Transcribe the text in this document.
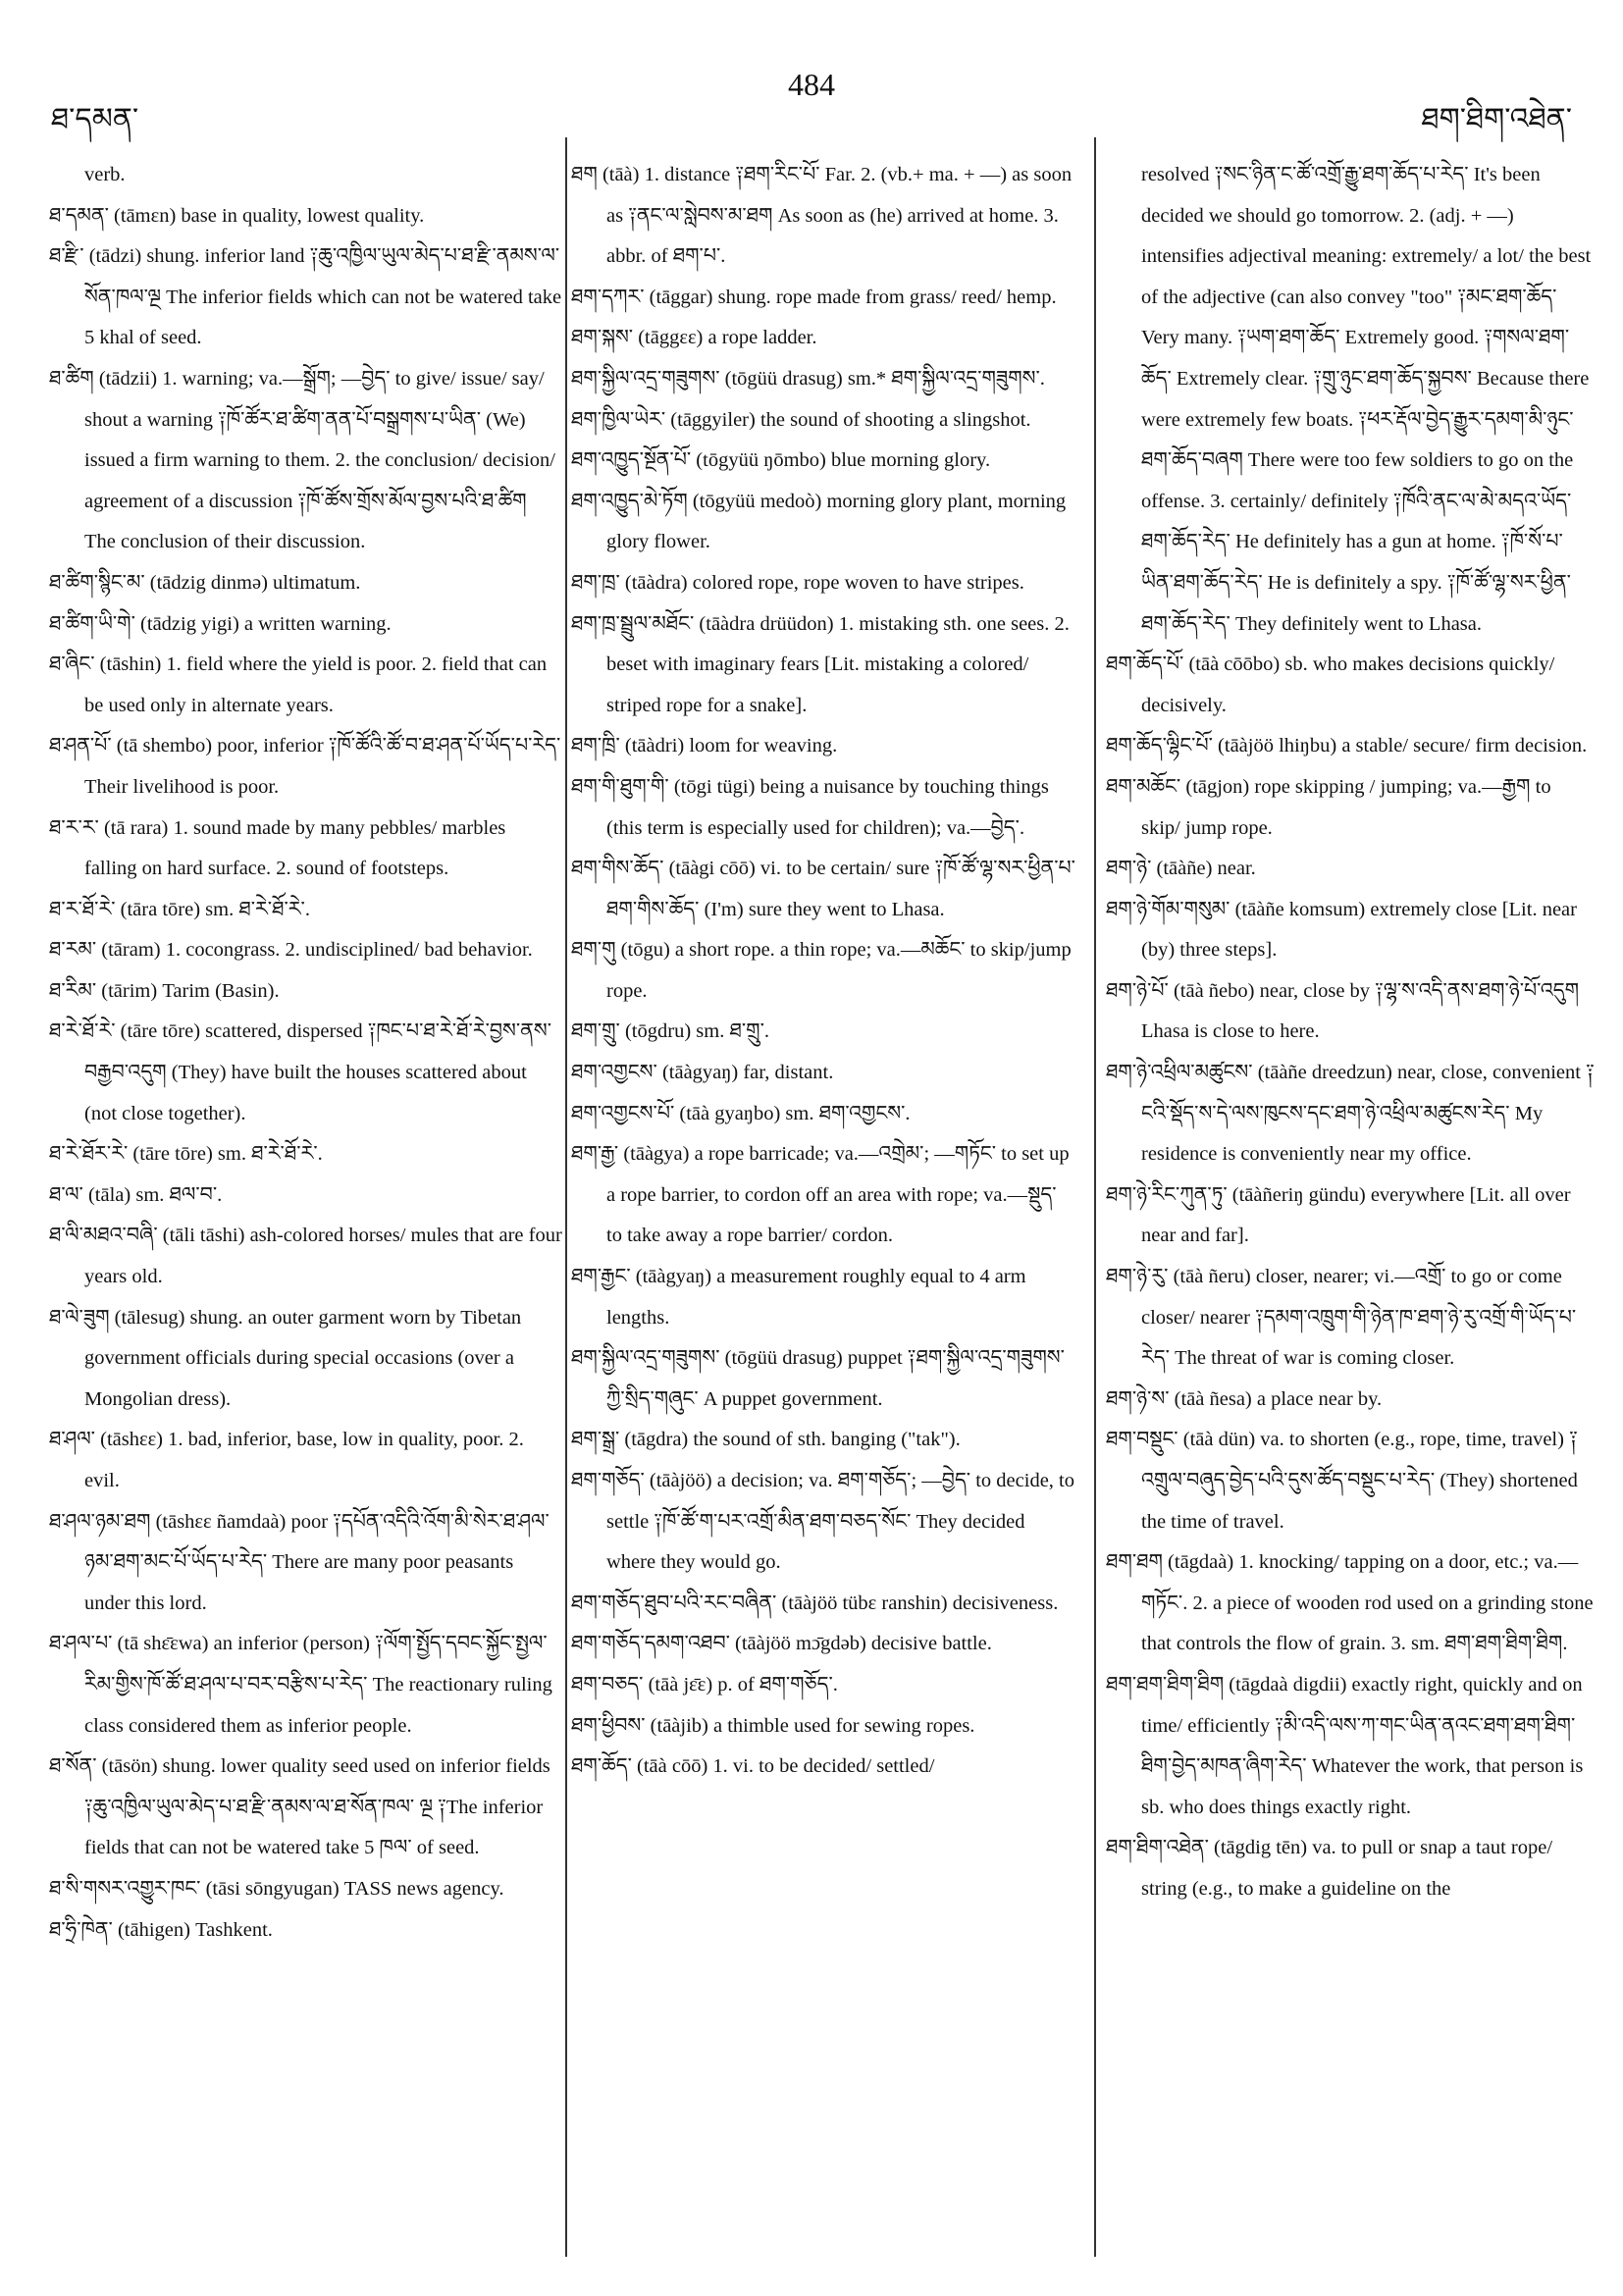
ཐ་དམན་
484
ཐག་ཐིག་འཐེན་
verb.
ཐ་དམན་ (tāmɛn) base in quality, lowest quality.
ཐ་རྫི་ (tādzi) shung. inferior land ༑ཆུ་འཁྱིལ་ཡུལ་མེད་པ་ཐ་རྫི་ནམས་ལ་སོན་ཁལ་ལྔ The inferior fields which can not be watered take 5 khal of seed.
ཐ་ཚིག (tādzii) 1. warning; va.—སྒྲོག; —བྱེད་ to give/ issue/ say/ shout a warning ༑ཁོ་ཚོར་ཐ་ཚིག་ནན་པོ་བསྒྲགས་པ་ཡིན་ (We) issued a firm warning to them. 2. the conclusion/ decision/ agreement of a discussion ༑ཁོ་ཚོས་གྲོས་མོལ་བྱས་པའི་ཐ་ཚིག The conclusion of their discussion.
ཐ་ཚིག་སྙིང་མ་ (tādzig dinmə) ultimatum.
ཐ་ཚིག་ཡི་གེ་ (tādzig yigi) a written warning.
ཐ་ཞིང་ (tāshin) 1. field where the yield is poor. 2. field that can be used only in alternate years.
ཐ་ཤན་པོ་ (tā shembo) poor, inferior ༑ཁོ་ཚོའི་ཚོ་བ་ཐ་ཤན་པོ་ཡོད་པ་རེད་ Their livelihood is poor.
ཐ་ར་ར་ (tā rara) 1. sound made by many pebbles/ marbles falling on hard surface. 2. sound of footsteps.
ཐ་ར་ཐོ་རེ་ (tāra tōre) sm. ཐ་རེ་ཐོ་རེ་.
ཐ་རམ་ (tāram) 1. cocongrass. 2. undisciplined/ bad behavior.
ཐ་རིམ་ (tārim) Tarim (Basin).
ཐ་རེ་ཐོ་རེ་ (tāre tōre) scattered, dispersed ༑ཁང་པ་ཐ་རེ་ཐོ་རེ་བྱས་ནས་བརྒྱབ་འདུག (They) have built the houses scattered about (not close together).
ཐ་རེ་ཐོར་རེ་ (tāre tōre) sm. ཐ་རེ་ཐོ་རེ་.
ཐ་ལ་ (tāla) sm. ཐལ་བ་.
ཐ་ལི་མཐའ་བཞི་ (tāli tāshi) ash-colored horses/ mules that are four years old.
ཐ་ལེ་ཟུག (tālesug) shung. an outer garment worn by Tibetan government officials during special occasions (over a Mongolian dress).
ཐ་ཤལ་ (tāshɛɛ) 1. bad, inferior, base, low in quality, poor. 2. evil.
ཐ་ཤལ་ཉམ་ཐག (tāshɛɛ ñamdaà) poor ༑དཔོན་འདིའི་འོག་མི་སེར་ཐ་ཤལ་ཉམ་ཐག་མང་པོ་ཡོད་པ་རེད་ There are many poor peasants under this lord.
ཐ་ཤལ་པ་ (tā shɛ̄ɛwa) an inferior (person) ༑ལོག་སྤྱོད་དབང་སྐྱོང་སྤྱལ་རིམ་གྱིས་ཁོ་ཚོ་ཐ་ཤལ་པ་བར་བརྩིས་པ་རེད་ The reactionary ruling class considered them as inferior people.
ཐ་སོན་ (tāsön) shung. lower quality seed used on inferior fields ༑ཆུ་འཁྱིལ་ཡུལ་མེད་པ་ཐ་རྫི་ནམས་ལ་ཐ་སོན་ཁལ་ ལྔ ༑The inferior fields that can not be watered take 5 ཁལ་ of seed.
ཐ་སི་གསར་འགྱུར་ཁང་ (tāsi sōngyugan) TASS news agency.
ཐ་ཧྲི་ཁེན་ (tāhigen) Tashkent.
ཐག (tāà) 1. distance ༑ཐག་རིང་པོ་ Far. 2. (vb.+ ma. + —) as soon as ༑ནང་ལ་སླེབས་མ་ཐག As soon as (he) arrived at home. 3. abbr. of ཐག་པ་.
ཐག་དཀར་ (tāggar) shung. rope made from grass/ reed/ hemp.
ཐག་སྐས་ (tāggɛɛ) a rope ladder.
ཐག་སྐྱིལ་འདྲ་གཟུགས་ (tōgüü drasug) sm.* ཐག་སྐྱིལ་འདྲ་གཟུགས་.
ཐག་ཁྱིལ་ཡེར་ (tāggyiler) the sound of shooting a slingshot.
ཐག་འཁྱུད་སྔོན་པོ་ (tōgyüü ŋōmbo) blue morning glory.
ཐག་འཁྱུད་མེ་ཏོག (tōgyüü medoò) morning glory plant, morning glory flower.
ཐག་ཁྲ་ (tāàdra) colored rope, rope woven to have stripes.
ཐག་ཁྲ་སྦྲུལ་མཐོང་ (tāàdra drüüdon) 1. mistaking sth. one sees. 2. beset with imaginary fears [Lit. mistaking a colored/ striped rope for a snake].
ཐག་ཁྲི་ (tāàdri) loom for weaving.
ཐག་གི་ཐུག་གི་ (tōgi tügi) being a nuisance by touching things (this term is especially used for children); va.—བྱེད་.
ཐག་གིས་ཆོད་ (tāàgi cōō) vi. to be certain/ sure ༑ཁོ་ཚོ་ལྷ་སར་ཕྱིན་པ་ཐག་གིས་ཆོད་ (I'm) sure they went to Lhasa.
ཐག་གུ (tōgu) a short rope. a thin rope; va.—མཆོང་ to skip/jump rope.
ཐག་གྲུ་ (tōgdru) sm. ཐ་གྲུ་.
ཐག་འགྱངས་ (tāàgyaŋ) far, distant.
ཐག་འགྱངས་པོ་ (tāà gyaŋbo) sm. ཐག་འགྱངས་.
ཐག་རྒྱ་ (tāàgya) a rope barricade; va.—འགྲེམ་; —གཏོང་ to set up a rope barrier, to cordon off an area with rope; va.—སྡུད་ to take away a rope barrier/ cordon.
ཐག་རྒྱང་ (tāàgyaŋ) a measurement roughly equal to 4 arm lengths.
ཐག་སྐྱིལ་འདྲ་གཟུགས་ (tōgüü drasug) puppet ༑ཐག་སྐྱིལ་འདྲ་གཟུགས་ཀྱི་སྲིད་གཞུང་ A puppet government.
ཐག་སྒྲ་ (tāgdra) the sound of sth. banging ("tak").
ཐག་གཅོད་ (tāàjöö) a decision; va. ཐག་གཅོད་; —བྱེད་ to decide, to settle ༑ཁོ་ཚོ་ག་པར་འགྲོ་མིན་ཐག་བཅད་སོང་ They decided where they would go.
ཐག་གཅོད་ཐུབ་པའི་རང་བཞིན་ (tāàjöö tübɛ ranshin) decisiveness.
ཐག་གཅོད་དམག་འཐབ་ (tāàjöö mɔ̄gdəb) decisive battle.
ཐག་བཅད་ (tāà jɛ̄ɛ) p. of ཐག་གཅོད་.
ཐག་ཕྱིབས་ (tāàjib) a thimble used for sewing ropes.
ཐག་ཆོད་ (tāà cōō) 1. vi. to be decided/ settled/
resolved ༑སང་ཉིན་ང་ཚོ་འགྲོ་རྒྱུ་ཐག་ཆོད་པ་རེད་ It's been decided we should go tomorrow. 2. (adj. + —) intensifies adjectival meaning: extremely/ a lot/ the best of the adjective (can also convey "too" ༑མང་ཐག་ཆོད་ Very many. ༑ཡག་ཐག་ཆོད་ Extremely good. ༑གསལ་ཐག་ཆོད་ Extremely clear. ༑གྲུ་ཉུང་ཐག་ཆོད་སྐྱབས་ Because there were extremely few boats. ༑ཕར་རྡོལ་བྱེད་རྒྱུར་དམག་མི་ཉུང་ཐག་ཆོད་བཞག There were too few soldiers to go on the offense. 3. certainly/ definitely ༑ཁོའི་ནང་ལ་མེ་མདའ་ཡོད་ཐག་ཆོད་རེད་ He definitely has a gun at home. ༑ཁོ་སོ་པ་ཡིན་ཐག་ཆོད་རེད་ He is definitely a spy. ༑ཁོ་ཚོ་ལྷ་སར་ཕྱིན་ཐག་ཆོད་རེད་ They definitely went to Lhasa.
ཐག་ཆོད་པོ་ (tāà cōōbo) sb. who makes decisions quickly/ decisively.
ཐག་ཆོད་ལྷིང་པོ་ (tāàjöö lhiŋbu) a stable/ secure/ firm decision.
ཐག་མཆོང་ (tāgjon) rope skipping / jumping; va.—རྒྱག to skip/ jump rope.
ཐག་ཉེ་ (tāàñe) near.
ཐག་ཉེ་གོམ་གསུམ་ (tāàñe komsum) extremely close [Lit. near (by) three steps].
ཐག་ཉེ་པོ་ (tāà ñebo) near, close by ༑ལྷ་ས་འདི་ནས་ཐག་ཉེ་པོ་འདུག Lhasa is close to here.
ཐག་ཉེ་འཕྲིལ་མཚུངས་ (tāàñe dreedzun) near, close, convenient ༑ངའི་སྡོད་ས་དེ་ལས་ཁུངས་དང་ཐག་ཉེ་འཕྲིལ་མཚུངས་རེད་ My residence is conveniently near my office.
ཐག་ཉེ་རིང་ཀུན་ཏུ་ (tāàñeriŋ gündu) everywhere [Lit. all over near and far].
ཐག་ཉེ་རུ་ (tāà ñeru) closer, nearer; vi.—འགྲོ་ to go or come closer/ nearer ༑དམག་འཁྲུག་གི་ཉེན་ཁ་ཐག་ཉེ་རུ་འགྲོ་གི་ཡོད་པ་རེད་ The threat of war is coming closer.
ཐག་ཉེ་ས་ (tāà ñesa) a place near by.
ཐག་བསྡུང་ (tāà dün) va. to shorten (e.g., rope, time, travel) ༑འགྲུལ་བཞུད་བྱེད་པའི་དུས་ཚོད་བསྡུང་པ་རེད་ (They) shortened the time of travel.
ཐག་ཐག (tāgdaà) 1. knocking/ tapping on a door, etc.; va.—གཏོང་. 2. a piece of wooden rod used on a grinding stone that controls the flow of grain. 3. sm. ཐག་ཐག་ཐིག་ཐིག.
ཐག་ཐག་ཐིག་ཐིག (tāgdaà digdii) exactly right, quickly and on time/ efficiently ༑མི་འདི་ལས་ཀ་གང་ཡིན་ནའང་ཐག་ཐག་ཐིག་ཐིག་བྱེད་མཁན་ཞིག་རེད་ Whatever the work, that person is sb. who does things exactly right.
ཐག་ཐིག་འཐེན་ (tāgdig tēn) va. to pull or snap a taut rope/ string (e.g., to make a guideline on the
